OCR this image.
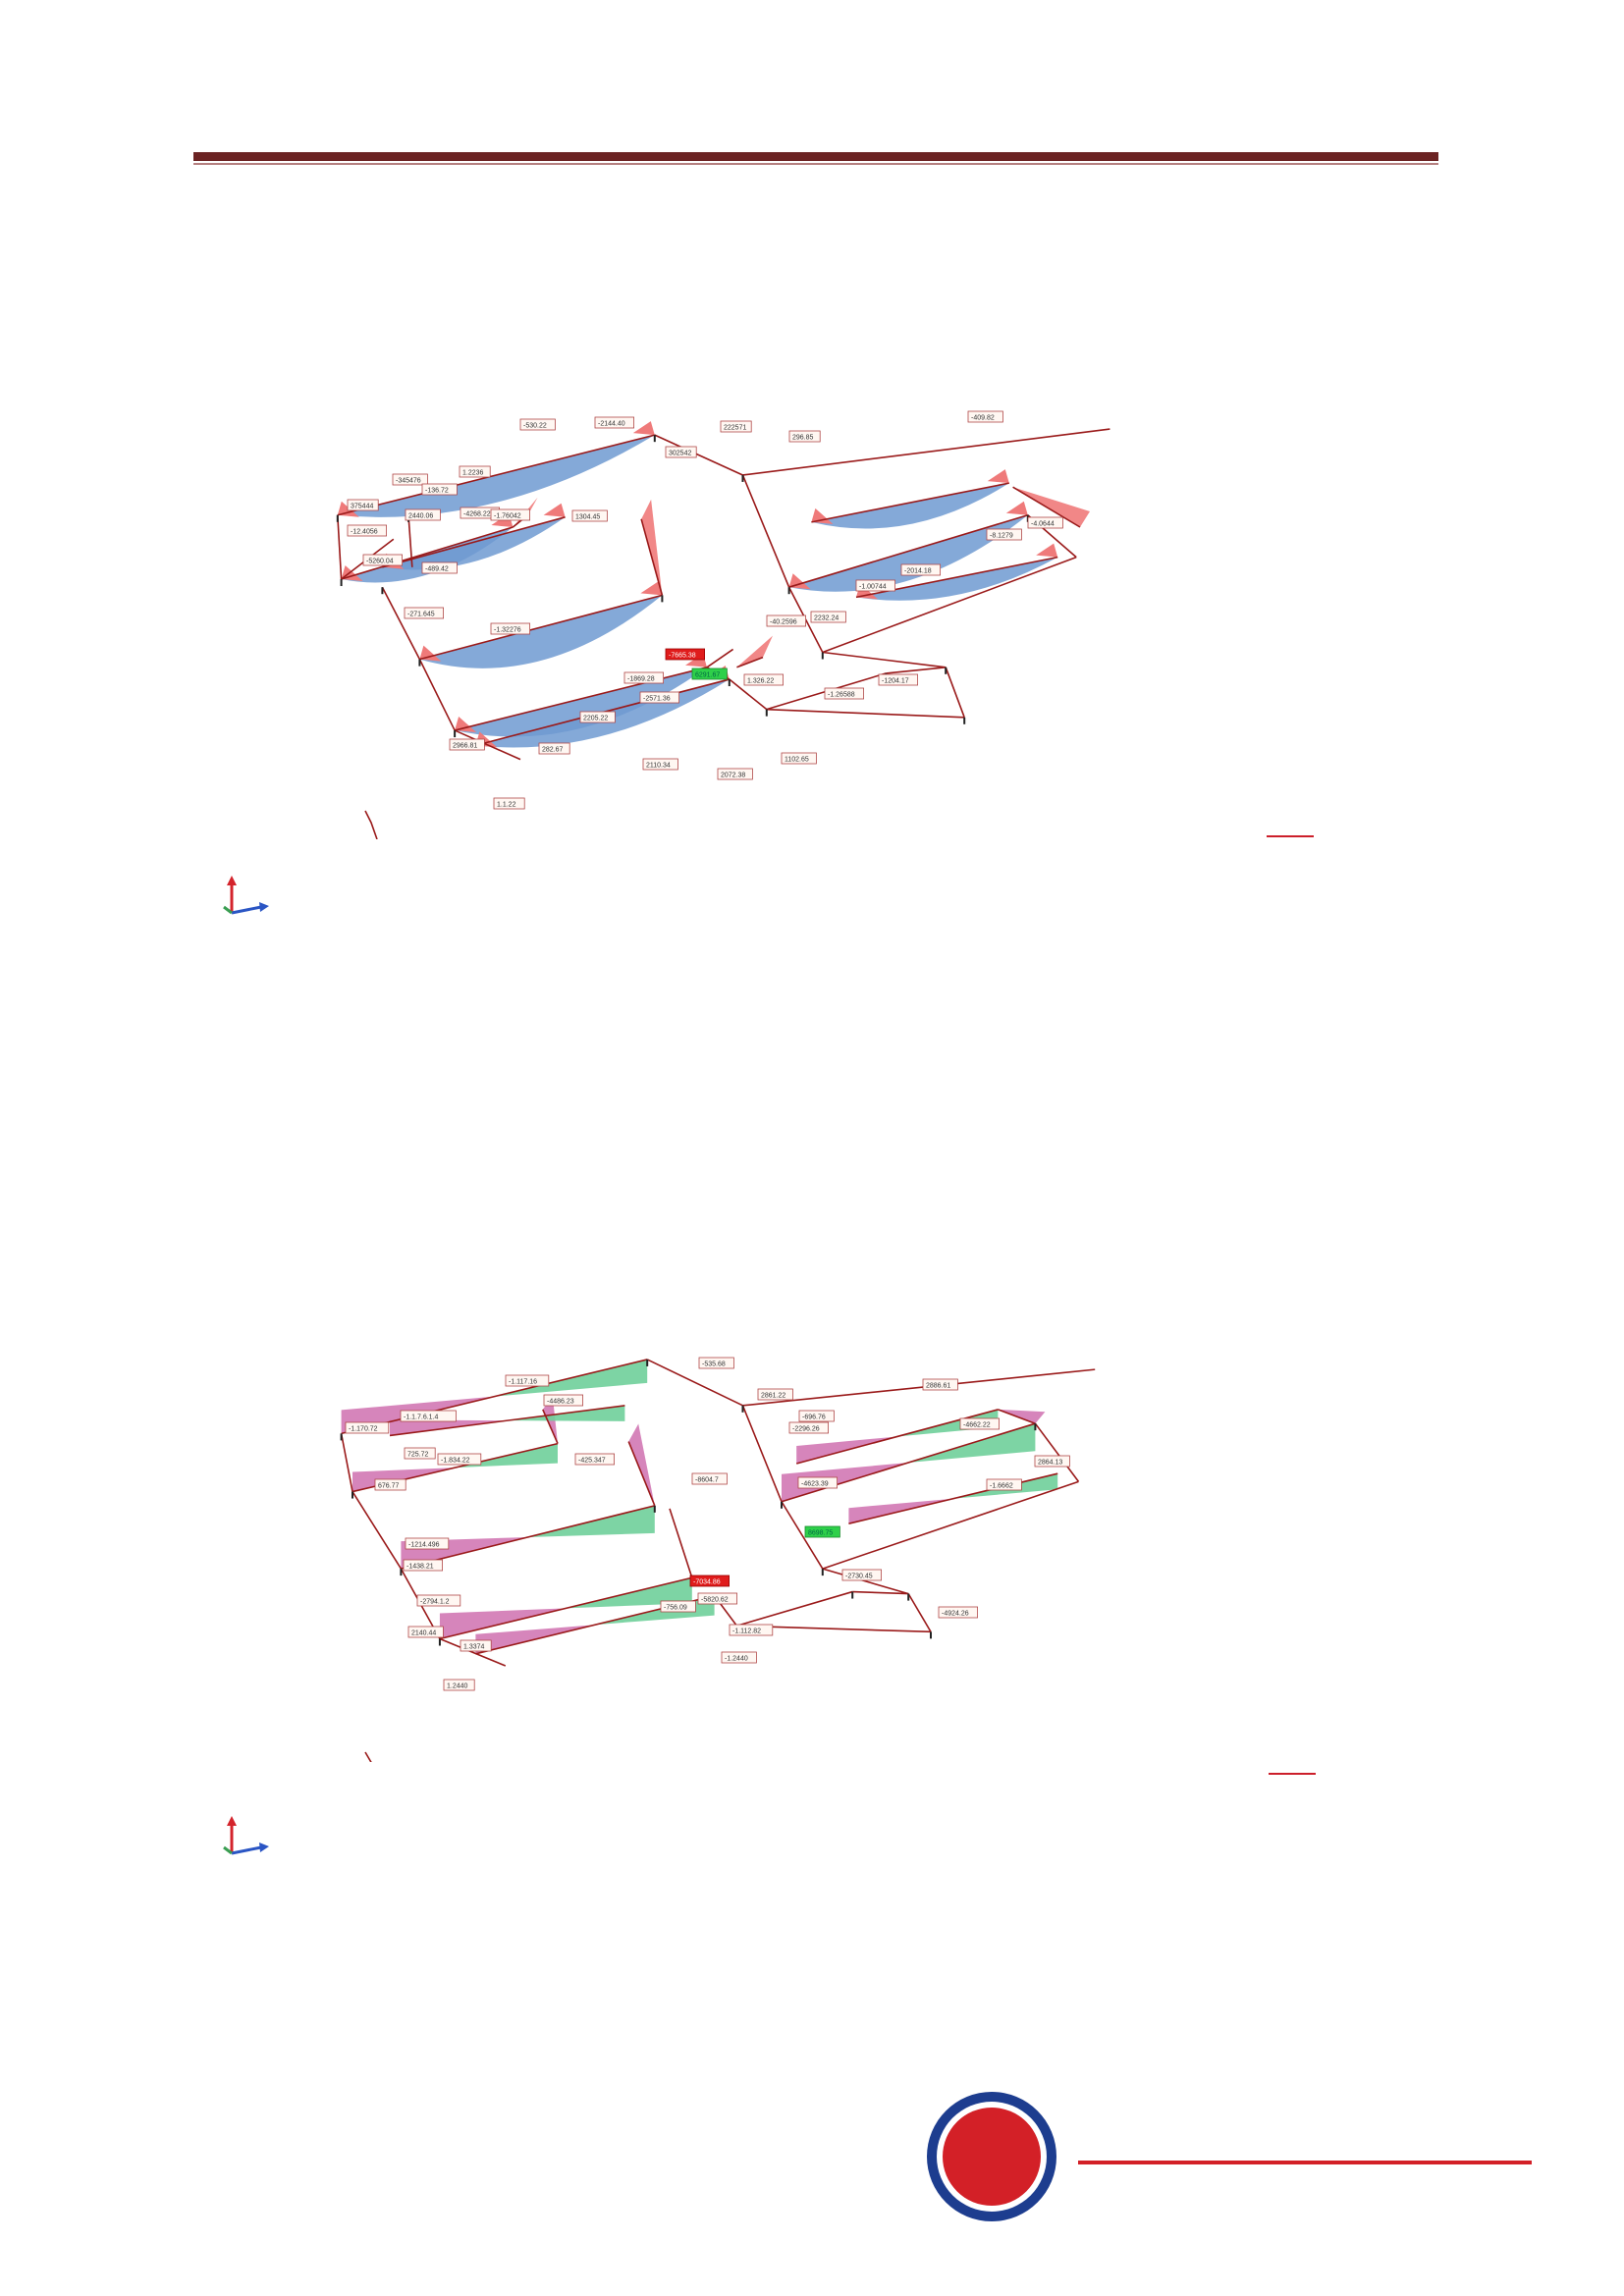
375444
-345476
-136.72
1.2236
-530.22	-2144.40
222571
302542
296.85
-409.82
-12.4056
2440.06	-4268.22 -1.76042	1304.45
-8.1279
-4.0644
-5260.04
-489.42
-40.2596
2232.24
-1.00744
-2014.18
-271.645
-1.32276
-7665.38
6291.67
1.326.22
-1.26588
-1204.17
-1869.28
-2571.36
2966.81
282.67
2110.34
2072.38
1102.65
2205.22
1.1.22
-535.68
-1.117.16
2861.22
2886.61
-1.170.72
-1.1.7.6.1.4
-4486.23
-696.76
-4662.22
2864.13
725.72
-1.834.22	-425.347
-2296.26
-1.6662
676.77	-4623.39
8698.75
-8604.7
-1214.496
-1438.21
-7034.86
-756.09
-2730.45
-2794.1.2	-5820.62
-1.112.82
-4924.26
2140.44
1.3374
-1.2440
1.2440
